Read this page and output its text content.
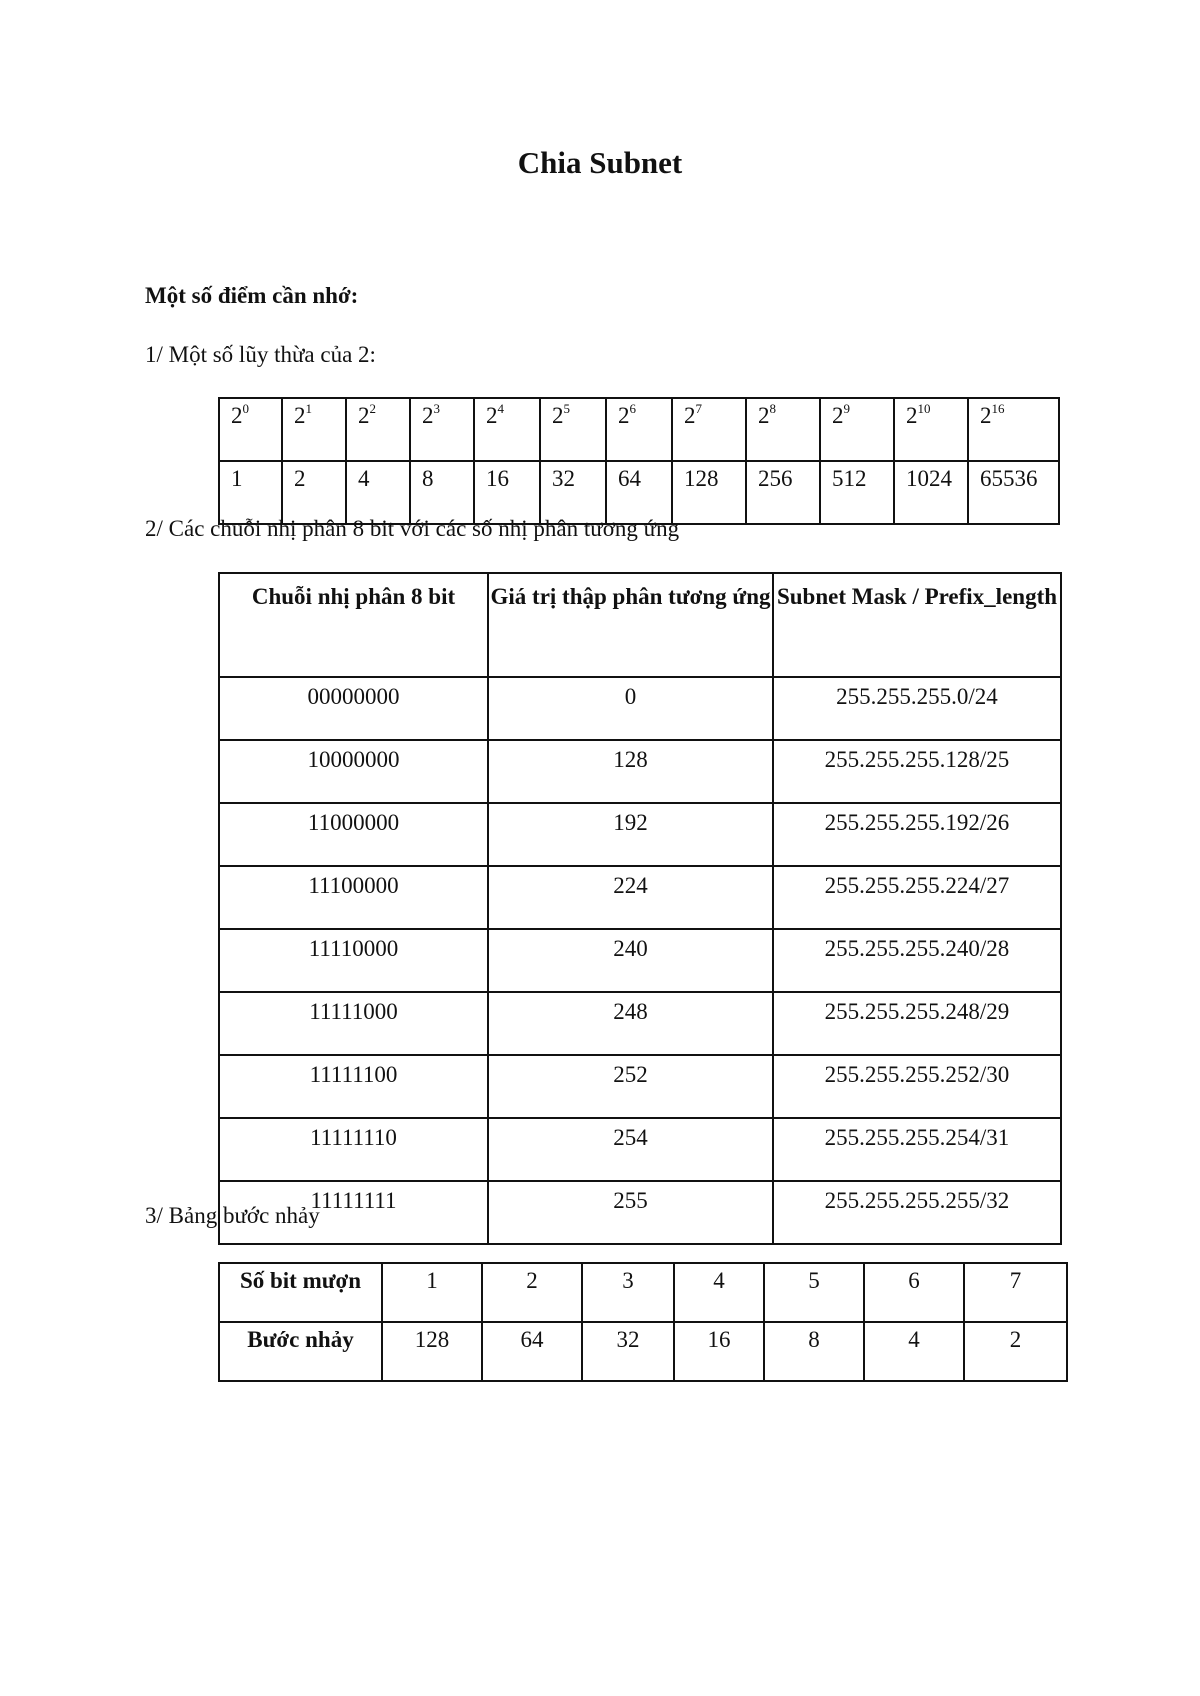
Chia Subnet
Một số điểm cần nhớ:
1/ Một số lũy thừa của 2:
$2^0$	$2^1$	$2^2$	$2^3$	$2^4$	$2^5$	$2^6$	$2^7$	$2^8$	$2^9$	$2^{10}$	$2^{16}$
1	2	4	8	16	32	64	128	256	512	1024	65536
2/ Các chuỗi nhị phân 8 bit với các số nhị phân tương ứng
Chuỗi nhị phân 8 bit	Giá trị thập phân tương ứng	Subnet Mask / Prefix_length
00000000	0	255.255.255.0/24
10000000	128	255.255.255.128/25
11000000	192	255.255.255.192/26
11100000	224	255.255.255.224/27
11110000	240	255.255.255.240/28
11111000	248	255.255.255.248/29
11111100	252	255.255.255.252/30
11111110	254	255.255.255.254/31
11111111	255	255.255.255.255/32
3/ Bảng bước nhảy
Số bit mượn	1	2	3	4	5	6	7
Bước nhảy	128	64	32	16	8	4	2
